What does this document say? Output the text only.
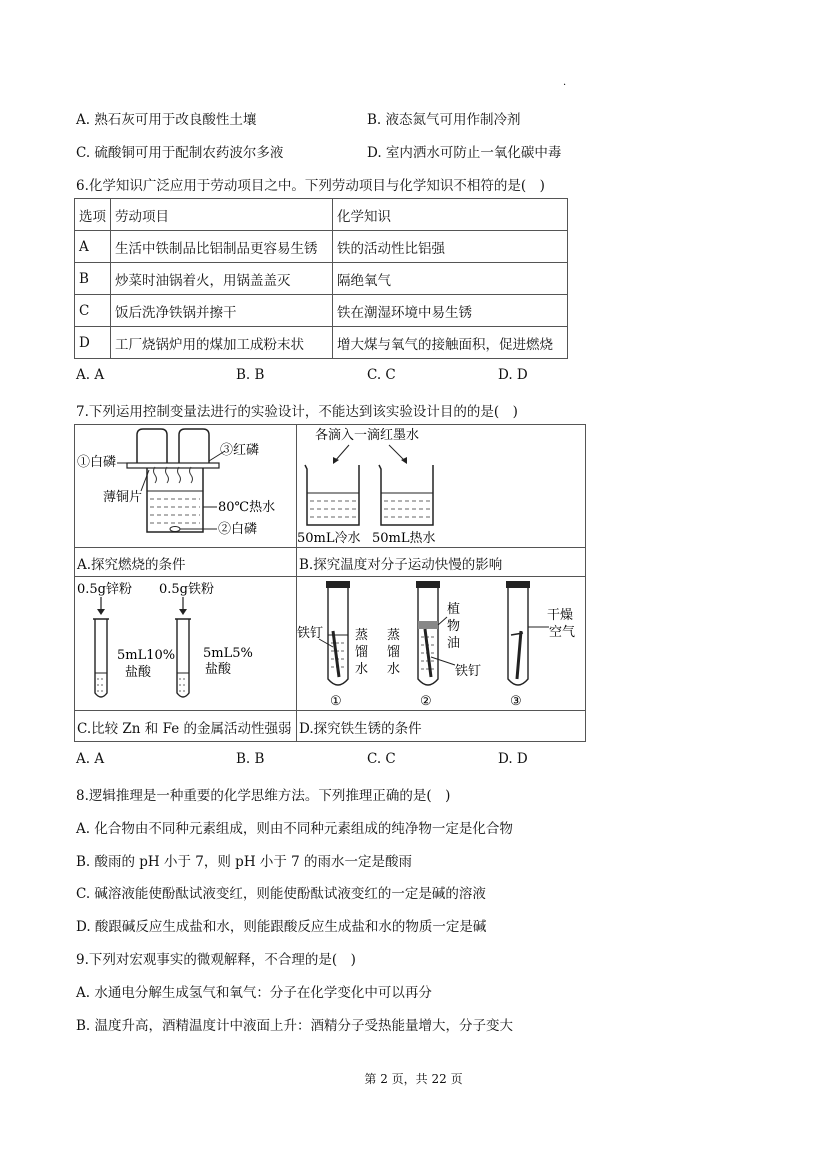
·
A. 熟石灰可用于改良酸性土壤	B. 液态氮气可用作制冷剂
C. 硫酸铜可用于配制农药波尔多液	D. 室内洒水可防止一氧化碳中毒
6.化学知识广泛应用于劳动项目之中。下列劳动项目与化学知识不相符的是(　)
选项	劳动项目	化学知识
A	生活中铁制品比铝制品更容易生锈	铁的活动性比铝强
B	炒菜时油锅着火，用锅盖盖灭	隔绝氧气
C	饭后洗净铁锅并擦干	铁在潮湿环境中易生锈
D	工厂烧锅炉用的煤加工成粉末状	增大煤与氧气的接触面积，促进燃烧
A. A	B. B	C. C	D. D
7.下列运用控制变量法进行的实验设计，不能达到该实验设计目的的是(　)
A.探究燃烧的条件	B.探究温度对分子运动快慢的影响
C.比较 Zn 和 Fe 的金属活动性强弱 D.探究铁生锈的条件
①白磷
③红磷
薄铜片
80℃热水
②白磷
各滴入一滴红墨水
50mL冷水 50mL热水
0.5g锌粉 0.5g铁粉
5mL10%
盐酸
5mL5%
盐酸
铁钉 蒸
馏
水
蒸
馏
水
植
物
油
铁钉
干燥
空气
①	②	③
A. A	B. B	C. C	D. D
8.逻辑推理是一种重要的化学思维方法。下列推理正确的是(　)
A. 化合物由不同种元素组成，则由不同种元素组成的纯净物一定是化合物
B. 酸雨的 pH 小于 7，则 pH 小于 7 的雨水一定是酸雨
C. 碱溶液能使酚酞试液变红，则能使酚酞试液变红的一定是碱的溶液
D. 酸跟碱反应生成盐和水，则能跟酸反应生成盐和水的物质一定是碱
9.下列对宏观事实的微观解释，不合理的是(　)
A. 水通电分解生成氢气和氧气：分子在化学变化中可以再分
B. 温度升高，酒精温度计中液面上升：酒精分子受热能量增大，分子变大
第 2 页，共 22 页
